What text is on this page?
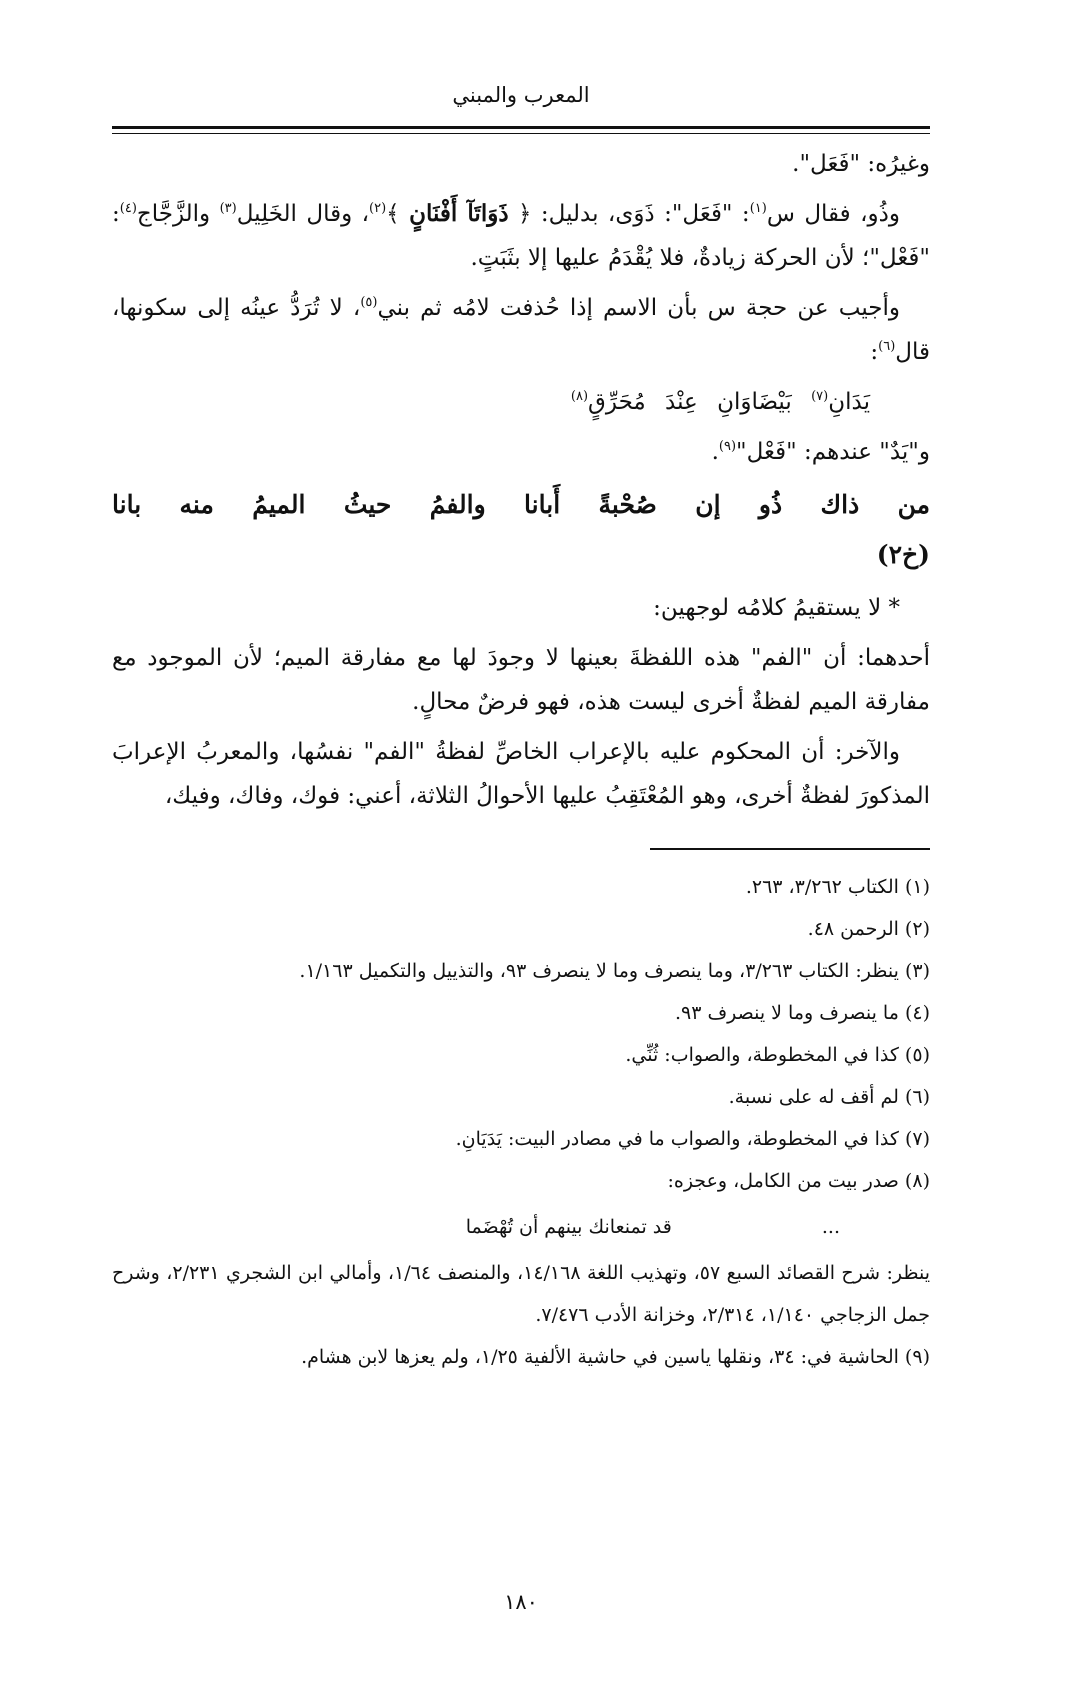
المعرب والمبني

وغيرُه: "فَعَل".

وذُو، فقال س$^{(١)}$: "فَعَل": ذَوَى، بدليل: ﴿ ذَوَاتَآ أَفْنَانٍ ﴾$^{(٢)}$، وقال الخَلِيل$^{(٣)}$ والزَّجَّاج$^{(٤)}$: "فَعْل"؛ لأن الحركة زيادةٌ، فلا يُقْدَمُ عليها إلا بثَبَتٍ.

وأجيب عن حجة س بأن الاسم إذا حُذفت لامُه ثم بني$^{(٥)}$، لا تُرَدُّ عينُه إلى سكونها، قال$^{(٦)}$:

يَدَانِ$^{(٧)}$ بَيْضَاوَانِ عِنْدَ مُحَرِّقٍ$^{(٨)}$

و"يَدٌ" عندهم: "فَعْل"$^{(٩)}$.

من
ذاك
ذُو
إن
صُحْبةً
أَبانا
والفمُ
حيثُ
الميمُ
منه
بانا

(خ٢)

* لا يستقيمُ كلامُه لوجهين:

أحدهما: أن "الفم" هذه اللفظةَ بعينها لا وجودَ لها مع مفارقة الميم؛ لأن الموجود مع مفارقة الميم لفظةٌ أخرى ليست هذه، فهو فرضٌ محالٍ.

والآخر: أن المحكوم عليه بالإعراب الخاصِّ لفظةُ "الفم" نفسُها، والمعربُ الإعرابَ المذكورَ لفظةٌ أخرى، وهو المُعْتَقِبُ عليها الأحوالُ الثلاثة، أعني: فوك، وفاك، وفيك،

(١) الكتاب ٣/٢٦٢، ٢٦٣.

(٢) الرحمن ٤٨.

(٣) ينظر: الكتاب ٣/٢٦٣، وما ينصرف وما لا ينصرف ٩٣، والتذييل والتكميل ١/١٦٣.

(٤) ما ينصرف وما لا ينصرف ٩٣.

(٥) كذا في المخطوطة، والصواب: ثُنِّي.

(٦) لم أقف له على نسبة.

(٧) كذا في المخطوطة، والصواب ما في مصادر البيت: يَدَيَانِ.

(٨) صدر بيت من الكامل، وعجزه:

...
قد تمنعانك بينهم أن تُهْضَما

ينظر: شرح القصائد السبع ٥٧، وتهذيب اللغة ١٤/١٦٨، والمنصف ١/٦٤، وأمالي ابن الشجري ٢/٢٣١، وشرح جمل الزجاجي ١/١٤٠، ٢/٣١٤، وخزانة الأدب ٧/٤٧٦.

(٩) الحاشية في: ٣٤، ونقلها ياسين في حاشية الألفية ١/٢٥، ولم يعزها لابن هشام.

١٨٠
